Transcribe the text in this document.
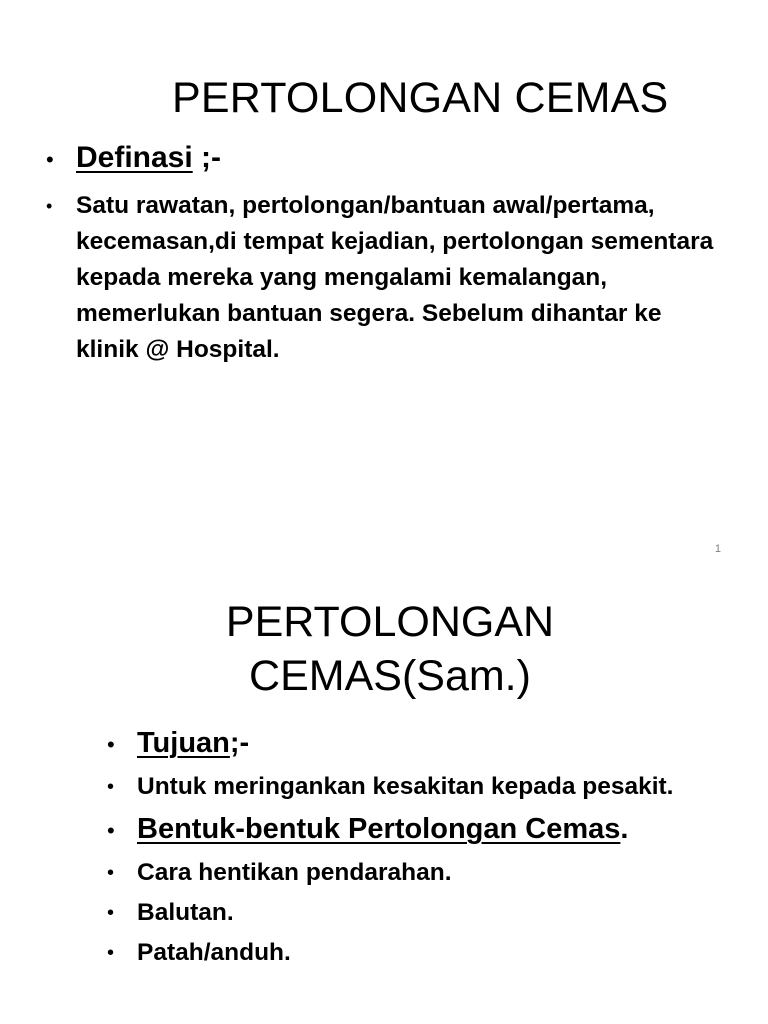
PERTOLONGAN CEMAS
• Definasi ;-
• Satu rawatan, pertolongan/bantuan awal/pertama, kecemasan,di tempat kejadian, pertolongan sementara kepada mereka yang mengalami kemalangan, memerlukan bantuan segera. Sebelum dihantar ke klinik @ Hospital.
1
PERTOLONGAN CEMAS(Sam.)
• Tujuan;-
• Untuk meringankan kesakitan kepada pesakit.
• Bentuk-bentuk Pertolongan Cemas.
• Cara hentikan pendarahan.
• Balutan.
• Patah/anduh.
